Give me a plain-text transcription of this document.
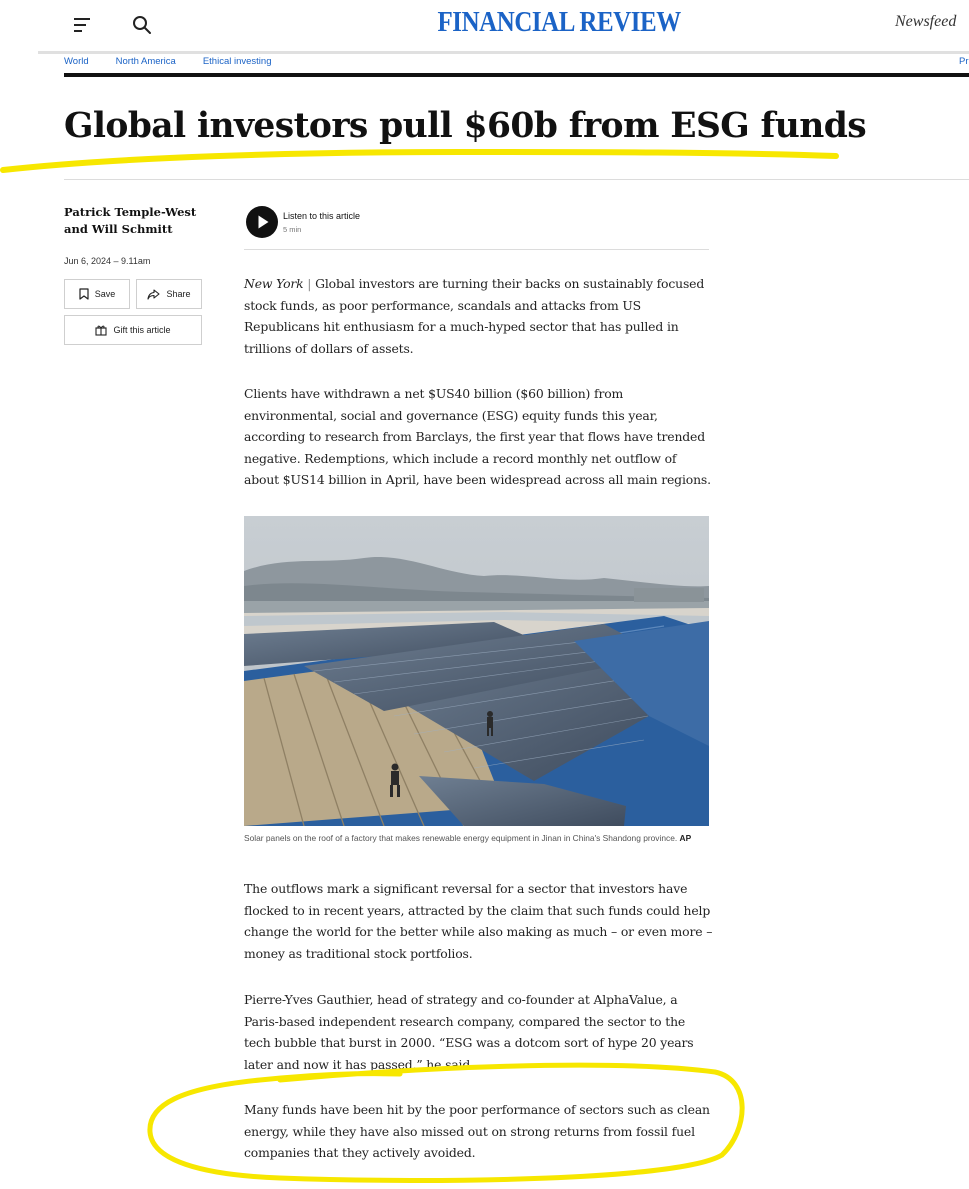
FINANCIAL REVIEW	Newsfeed
World	North America	Ethical investing	Pr
Global investors pull $60b from ESG funds
Patrick Temple-West and Will Schmitt
Jun 6, 2024 – 9.11am
Save	Share
Gift this article
Listen to this article
5 min

New York | Global investors are turning their backs on sustainably focused stock funds, as poor performance, scandals and attacks from US Republicans hit enthusiasm for a much-hyped sector that has pulled in trillions of dollars of assets.

Clients have withdrawn a net $US40 billion ($60 billion) from environmental, social and governance (ESG) equity funds this year, according to research from Barclays, the first year that flows have trended negative. Redemptions, which include a record monthly net outflow of about $US14 billion in April, have been widespread across all main regions.

Solar panels on the roof of a factory that makes renewable energy equipment in Jinan in China's Shandong province. AP

The outflows mark a significant reversal for a sector that investors have flocked to in recent years, attracted by the claim that such funds could help change the world for the better while also making as much – or even more – money as traditional stock portfolios.

Pierre-Yves Gauthier, head of strategy and co-founder at AlphaValue, a Paris-based independent research company, compared the sector to the tech bubble that burst in 2000. “ESG was a dotcom sort of hype 20 years later and now it has passed,” he said.

Many funds have been hit by the poor performance of sectors such as clean energy, while they have also missed out on strong returns from fossil fuel companies that they actively avoided.
